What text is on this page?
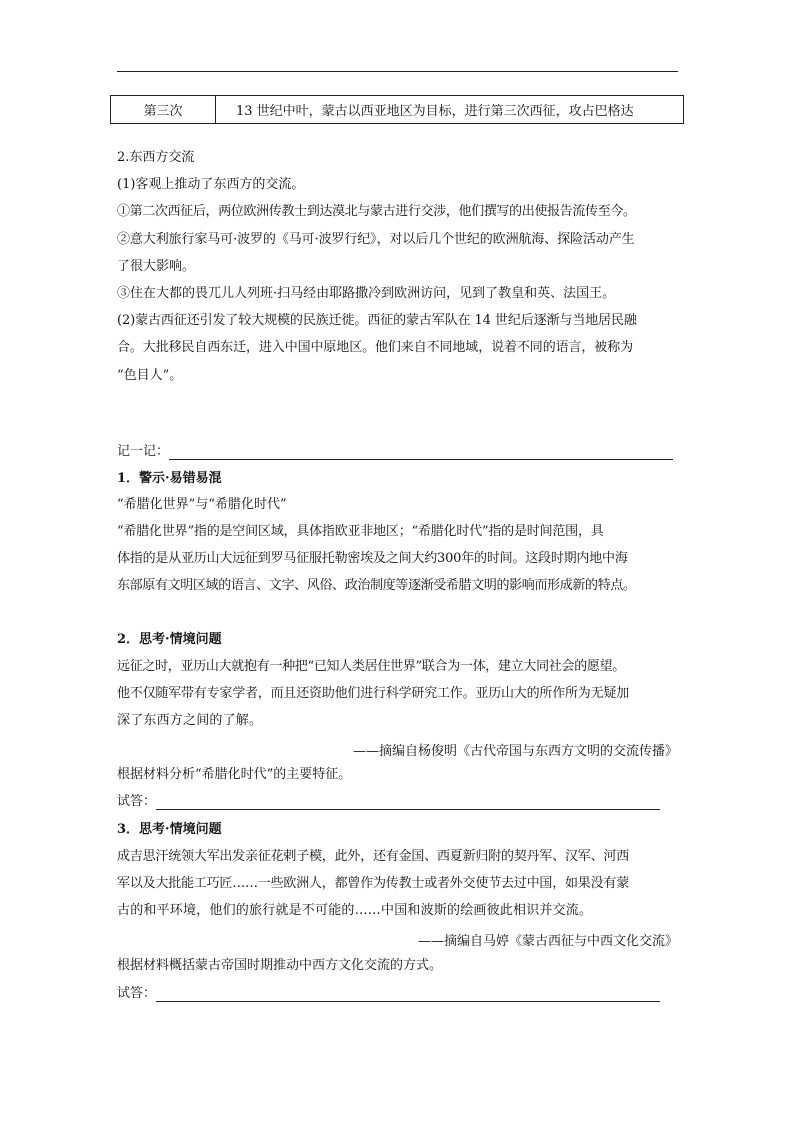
第三次	13 世纪中叶，蒙古以西亚地区为目标，进行第三次西征，攻占巴格达
2.东西方交流
(1)客观上推动了东西方的交流。
①第二次西征后，两位欧洲传教士到达漠北与蒙古进行交涉，他们撰写的出使报告流传至今。
②意大利旅行家马可·波罗的《马可·波罗行纪》，对以后几个世纪的欧洲航海、探险活动产生
了很大影响。
③住在大都的畏兀儿人列班·扫马经由耶路撒冷到欧洲访问，见到了教皇和英、法国王。
(2)蒙古西征还引发了较大规模的民族迁徙。西征的蒙古军队在 14 世纪后逐渐与当地居民融
合。大批移民自西东迁，进入中国中原地区。他们来自不同地域，说着不同的语言，被称为
“色目人”。
记一记：
1．警示·易错易混
“希腊化世界”与“希腊化时代”
“希腊化世界”指的是空间区域，具体指欧亚非地区；“希腊化时代”指的是时间范围，具
体指的是从亚历山大远征到罗马征服托勒密埃及之间大约300年的时间。这段时期内地中海
东部原有文明区域的语言、文字、风俗、政治制度等逐渐受希腊文明的影响而形成新的特点。
2．思考·情境问题
远征之时，亚历山大就抱有一种把“已知人类居住世界”联合为一体，建立大同社会的愿望。
他不仅随军带有专家学者，而且还资助他们进行科学研究工作。亚历山大的所作所为无疑加
深了东西方之间的了解。
——摘编自杨俊明《古代帝国与东西方文明的交流传播》
根据材料分析“希腊化时代”的主要特征。
试答：
3．思考·情境问题
成吉思汗统领大军出发亲征花剌子模，此外，还有金国、西夏新归附的契丹军、汉军、河西
军以及大批能工巧匠……一些欧洲人，都曾作为传教士或者外交使节去过中国，如果没有蒙
古的和平环境，他们的旅行就是不可能的……中国和波斯的绘画彼此相识并交流。
——摘编自马婷《蒙古西征与中西文化交流》
根据材料概括蒙古帝国时期推动中西方文化交流的方式。
试答：
